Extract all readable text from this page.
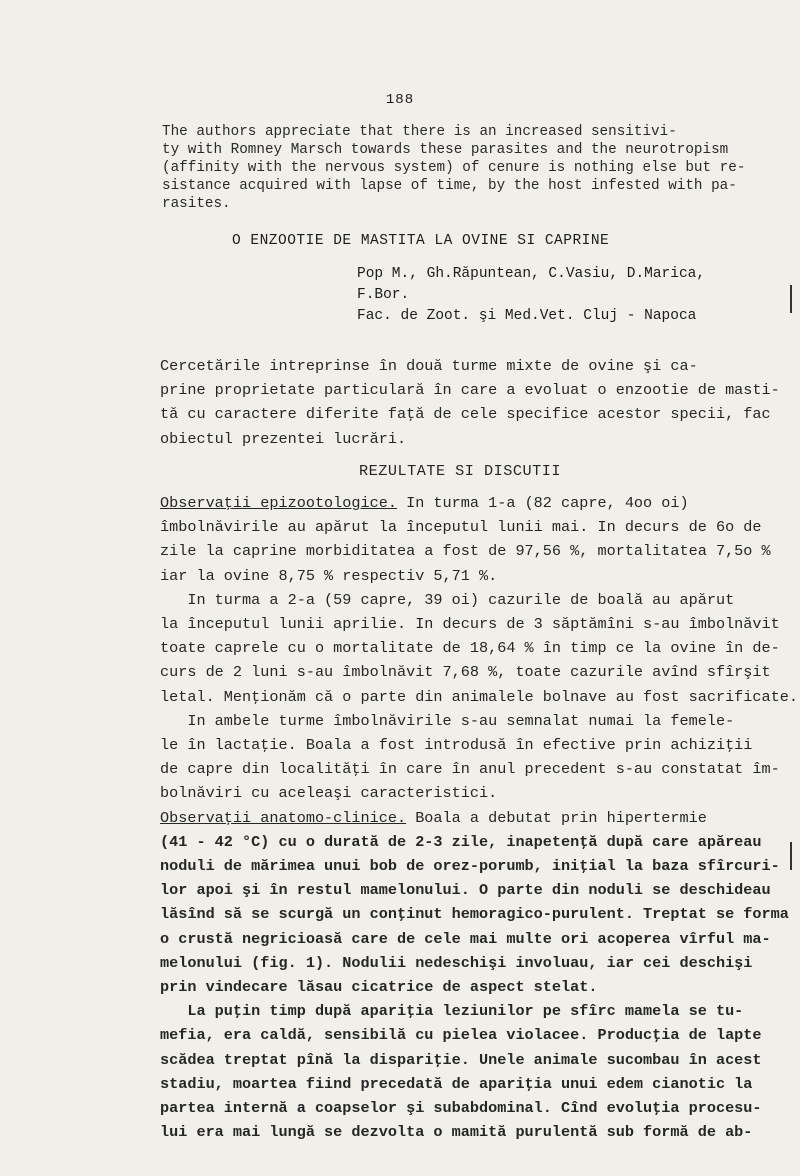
188
The authors appreciate that there is an increased sensitivi-
ty with Romney Marsch towards these parasites and the neurotropism
(affinity with the nervous system) of cenure is nothing else but re-
sistance acquired with lapse of time, by the host infested with pa-
rasites.
O ENZOOTIE DE MASTITA LA OVINE SI CAPRINE
Pop M., Gh.Răpuntean, C.Vasiu, D.Marica,
F.Bor.
Fac. de Zoot. şi Med.Vet. Cluj - Napoca
Cercetările intreprinse în două turme mixte de ovine şi ca-
prine proprietate particulară în care a evoluat o enzootie de masti-
tă cu caractere diferite faţă de cele specifice acestor specii, fac
obiectul prezentei lucrări.
REZULTATE SI DISCUTII
Observaţii epizootologice. In turma 1-a (82 capre, 4oo oi)
îmbolnăvirile au apărut la începutul lunii mai. In decurs de 6o de
zile la caprine morbiditatea a fost de 97,56 %, mortalitatea 7,5o %
iar la ovine 8,75 % respectiv 5,71 %.
In turma a 2-a (59 capre, 39 oi) cazurile de boală au apărut
la începutul lunii aprilie. In decurs de 3 săptămîni s-au îmbolnăvit
toate caprele cu o mortalitate de 18,64 % în timp ce la ovine în de-
curs de 2 luni s-au îmbolnăvit 7,68 %, toate cazurile avînd sfîrşit
letal. Menţionăm că o parte din animalele bolnave au fost sacrificate.
In ambele turme îmbolnăvirile s-au semnalat numai la femele-
le în lactaţie. Boala a fost introdusă în efective prin achiziţii
de capre din localităţi în care în anul precedent s-au constatat îm-
bolnăviri cu aceleaşi caracteristici.
Observaţii anatomo-clinice. Boala a debutat prin hipertermie
(41 - 42 °C) cu o durată de 2-3 zile, inapetenţă după care apăreau
noduli de mărimea unui bob de orez-porumb, iniţial la baza sfîrcuri-
lor apoi şi în restul mamelonului. O parte din noduli se deschideau
lăsînd să se scurgă un conţinut hemoragico-purulent. Treptat se forma
o crustă negricioasă care de cele mai multe ori acoperea vîrful ma-
melonului (fig. 1). Nodulii nedeschişi involuau, iar cei deschişi
prin vindecare lăsau cicatrice de aspect stelat.
La puţin timp după apariţia leziunilor pe sfîrc mamela se tu-
mefia, era caldă, sensibilă cu pielea violacee. Producţia de lapte
scădea treptat pînă la dispariţie. Unele animale sucombau în acest
stadiu, moartea fiind precedată de apariţia unui edem cianotic la
partea internă a coapselor şi subabdominal. Cînd evoluţia procesu-
lui era mai lungă se dezvolta o mamită purulentă sub formă de ab-
